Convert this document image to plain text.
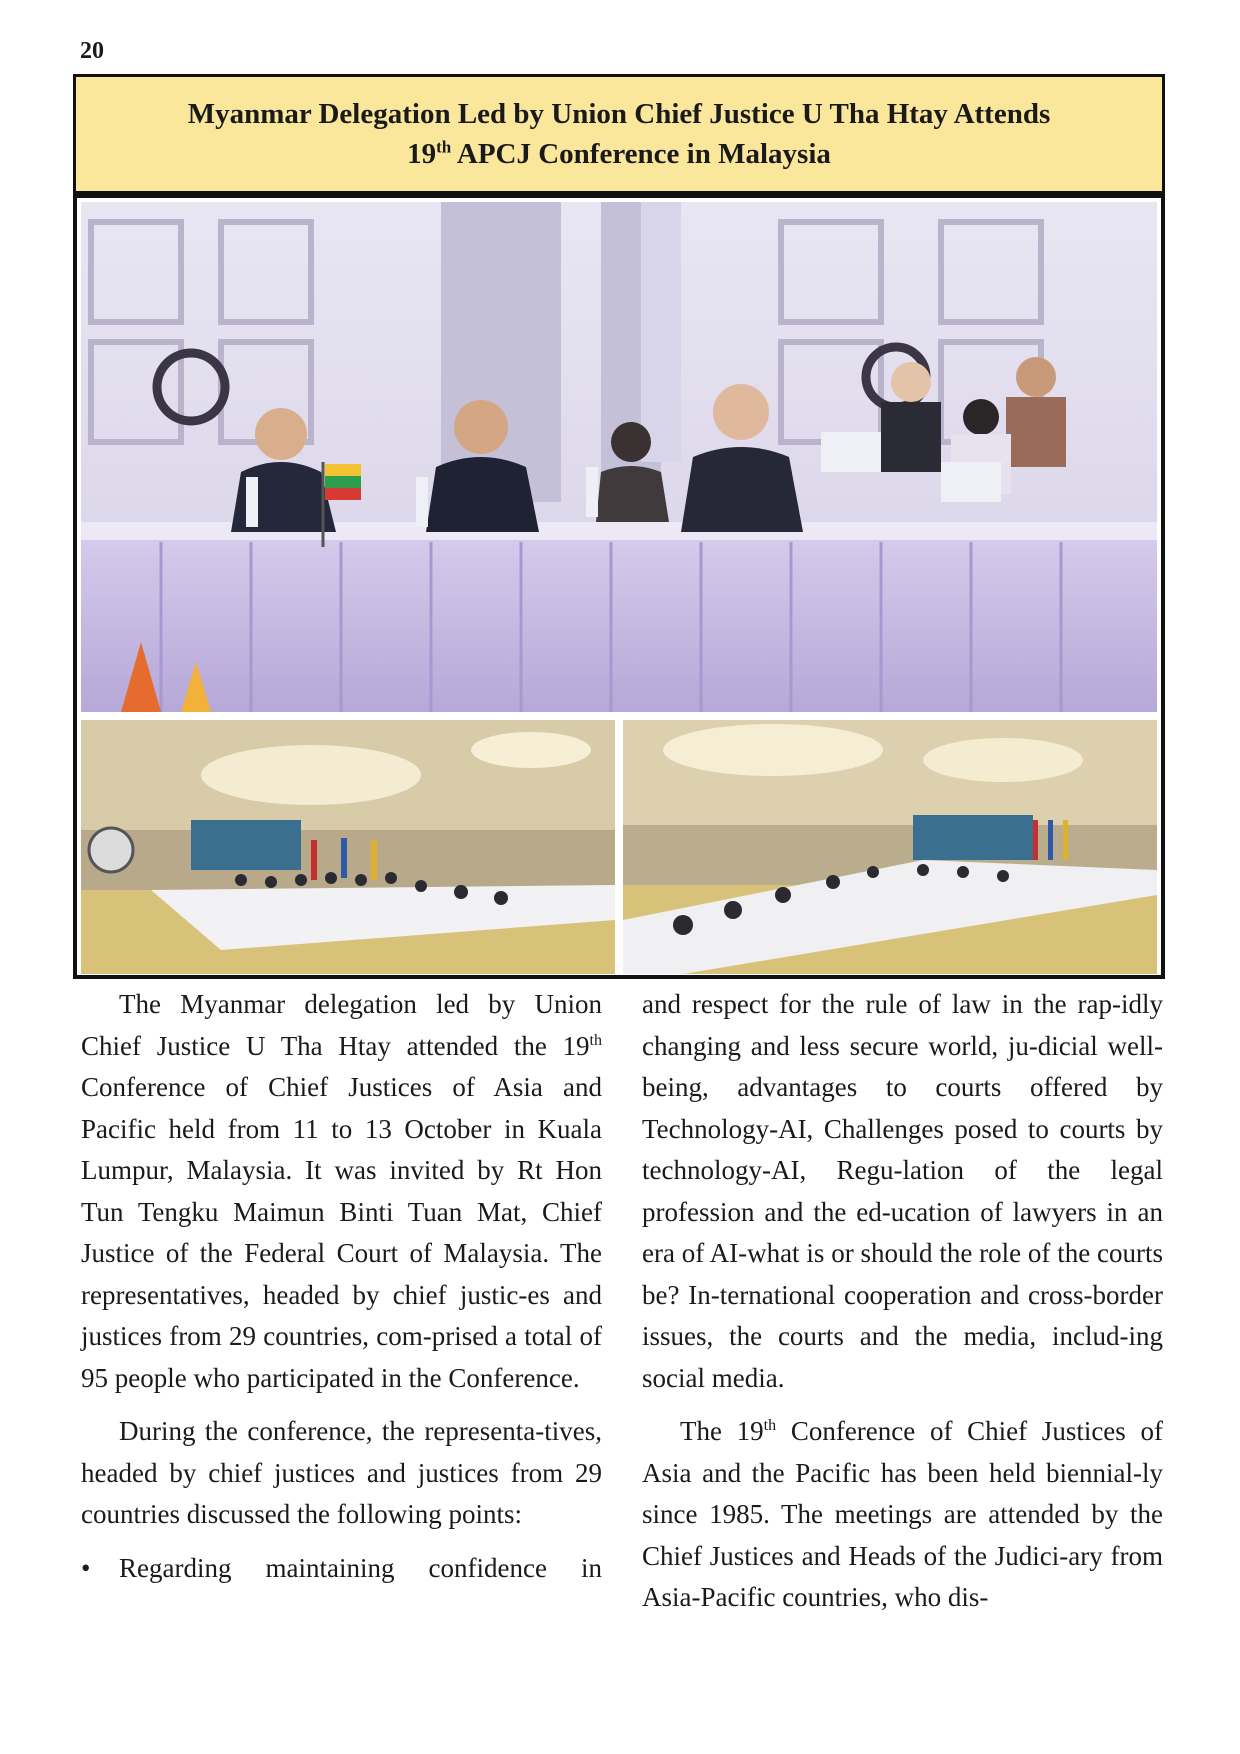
20
Myanmar Delegation Led by Union Chief Justice U Tha Htay Attends
19th APCJ Conference in Malaysia

The Myanmar delegation led by Union Chief Justice U Tha Htay attended the 19th Conference of Chief Justices of Asia and Pacific held from 11 to 13 October in Kuala Lumpur, Malaysia. It was invited by Rt Hon Tun Tengku Maimun Binti Tuan Mat, Chief Justice of the Federal Court of Malaysia. The representatives, headed by chief justic-es and justices from 29 countries, com-prised a total of 95 people who participated in the Conference.

During the conference, the representa-tives, headed by chief justices and justices from 29 countries discussed the following points:

•	Regarding maintaining confidence in

and respect for the rule of law in the rap-idly changing and less secure world, ju-dicial well-being, advantages to courts offered by Technology-AI, Challenges posed to courts by technology-AI, Regu-lation of the legal profession and the ed-ucation of lawyers in an era of AI-what is or should the role of the courts be? In-ternational cooperation and cross-border issues, the courts and the media, includ-ing social media.

The 19th Conference of Chief Justices of Asia and the Pacific has been held biennial-ly since 1985. The meetings are attended by the Chief Justices and Heads of the Judici-ary from Asia-Pacific countries, who dis-
